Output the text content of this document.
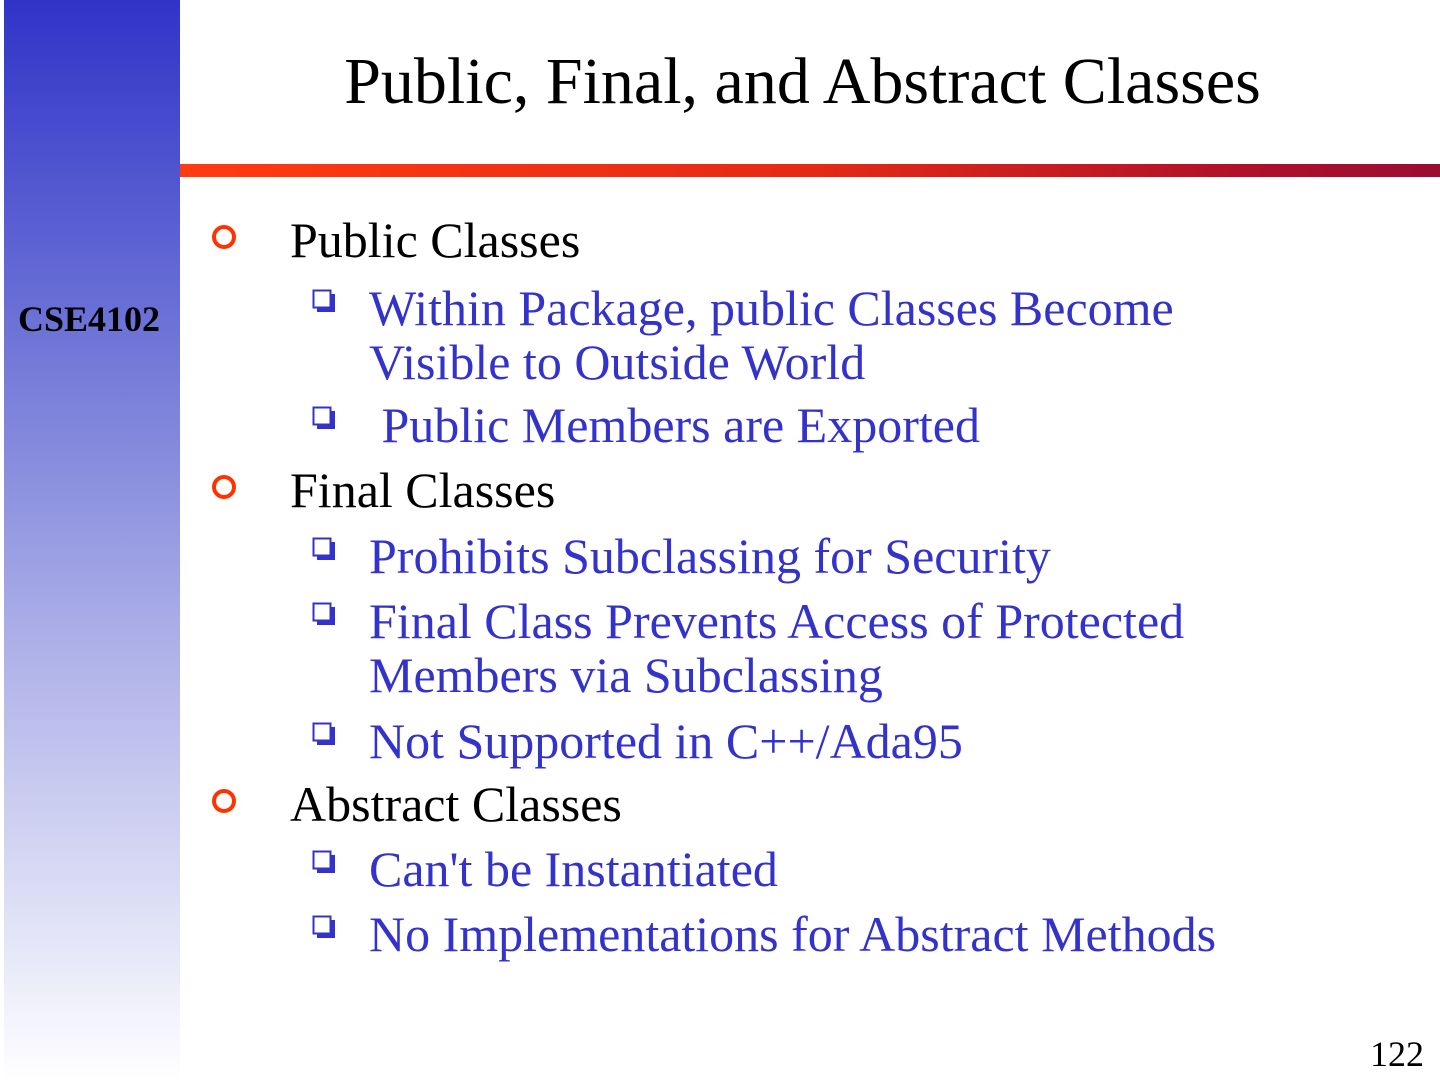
CSE4102
Public, Final, and Abstract Classes
Public Classes
Within Package, public Classes Become
Visible to Outside World
Public Members are Exported
Final Classes
Prohibits Subclassing for Security
Final Class Prevents Access of Protected
Members via Subclassing
Not Supported in C++/Ada95
Abstract Classes
Can't be Instantiated
No Implementations for Abstract Methods
122
